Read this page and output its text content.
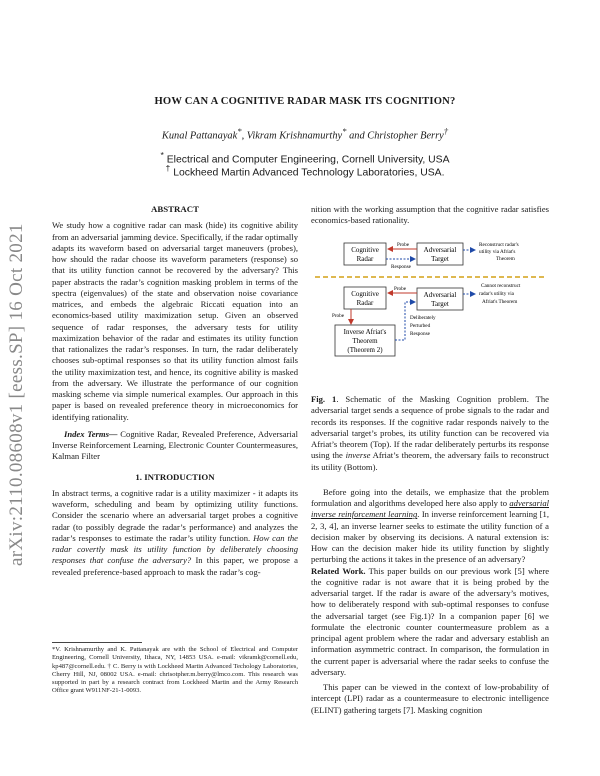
arXiv:2110.08608v1 [eess.SP] 16 Oct 2021
HOW CAN A COGNITIVE RADAR MASK ITS COGNITION?
Kunal Pattanayak*, Vikram Krishnamurthy* and Christopher Berry†
* Electrical and Computer Engineering, Cornell University, USA
† Lockheed Martin Advanced Technology Laboratories, USA.
ABSTRACT

We study how a cognitive radar can mask (hide) its cognitive ability from an adversarial jamming device. Specifically, if the radar optimally adapts its waveform based on adversarial target maneuvers (probes), how should the radar choose its waveform parameters (response) so that its utility function cannot be recovered by the adversary? This paper abstracts the radar’s cognition masking problem in terms of the spectra (eigenvalues) of the state and observation noise covariance matrices, and embeds the algebraic Riccati equation into an economics-based utility maximization setup. Given an observed sequence of radar responses, the adversary tests for utility maximization behavior of the radar and estimates its utility function that rationalizes the radar’s responses. In turn, the radar deliberately chooses sub-optimal responses so that its utility function almost fails the utility maximization test, and hence, its cognitive ability is masked from the adversary. We illustrate the performance of our cognition masking scheme via simple numerical examples. Our approach in this paper is based on revealed preference theory in microeconomics for identifying rationality.

Index Terms— Cognitive Radar, Revealed Preference, Adversarial Inverse Reinforcement Learning, Electronic Counter Countermeasures, Kalman Filter

1. INTRODUCTION

In abstract terms, a cognitive radar is a utility maximizer - it adapts its waveform, scheduling and beam by optimizing utility functions. Consider the scenario where an adversarial target probes a cognitive radar (to possibly degrade the radar’s performance) and analyzes the radar’s responses to estimate the radar’s utility function. How can the radar covertly mask its utility function by deliberately choosing responses that confuse the adversary? In this paper, we propose a revealed preference-based approach to mask the radar’s cog-

*V. Krishnamurthy and K. Pattanayak are with the School of Electrical and Computer Engineering, Cornell University, Ithaca, NY, 14853 USA. e-mail: vikramk@cornell.edu, kp487@cornell.edu. † C. Berry is with Lockheed Martin Advanced Techology Laboratories, Cherry Hill, NJ, 08002 USA. e-mail: chrisotpher.m.berry@lmco.com. This research was supported in part by a research contract from Lockheed Martin and the Army Research Office grant W911NF-21-1-0093.

nition with the working assumption that the cognitive radar satisfies economics-based rationality.

Cognitive
Radar
Adversarial
Target
Probe
Response
Reconstruct radar's
utility via Afriat's
Theorem
Cognitive
Radar
Adversarial
Target
Probe	Cannot reconstruct
radar's utility via
Afriat's Theorem
Probe
Inverse Afriat's
Theorem
(Theorem 2)
Deliberately
Perturbed
Response

Fig. 1. Schematic of the Masking Cognition problem. The adversarial target sends a sequence of probe signals to the radar and records its responses. If the cognitive radar responds naively to the adversarial target’s probes, its utility function can be recovered via Afriat’s theorem (Top). If the radar deliberately perturbs its response using the inverse Afriat’s theorem, the adversary fails to reconstruct its utility (Bottom).

Before going into the details, we emphasize that the problem formulation and algorithms developed here also apply to adversarial inverse reinforcement learning. In inverse reinforcement learning [1, 2, 3, 4], an inverse learner seeks to estimate the utility function of a decision maker by observing its decisions. A natural extension is: How can the decision maker hide its utility function by slightly perturbing the actions it takes in the presence of an adversary?

Related Work. This paper builds on our previous work [5] where the cognitive radar is not aware that it is being probed by the adversarial target. If the radar is aware of the adversary’s motives, how to deliberately respond with sub-optimal responses to confuse the adversarial target (see Fig.1)? In a companion paper [6] we formulate the electronic counter countermeasure problem as a principal agent problem where the radar and adversary establish an information asymmetric contract. In comparison, the formulation in the current paper is adversarial where the radar seeks to confuse the adversary.

This paper can be viewed in the context of low-probability of intercept (LPI) radar as a countermeasure to electronic intelligence (ELINT) gathering targets [7]. Masking cognition
